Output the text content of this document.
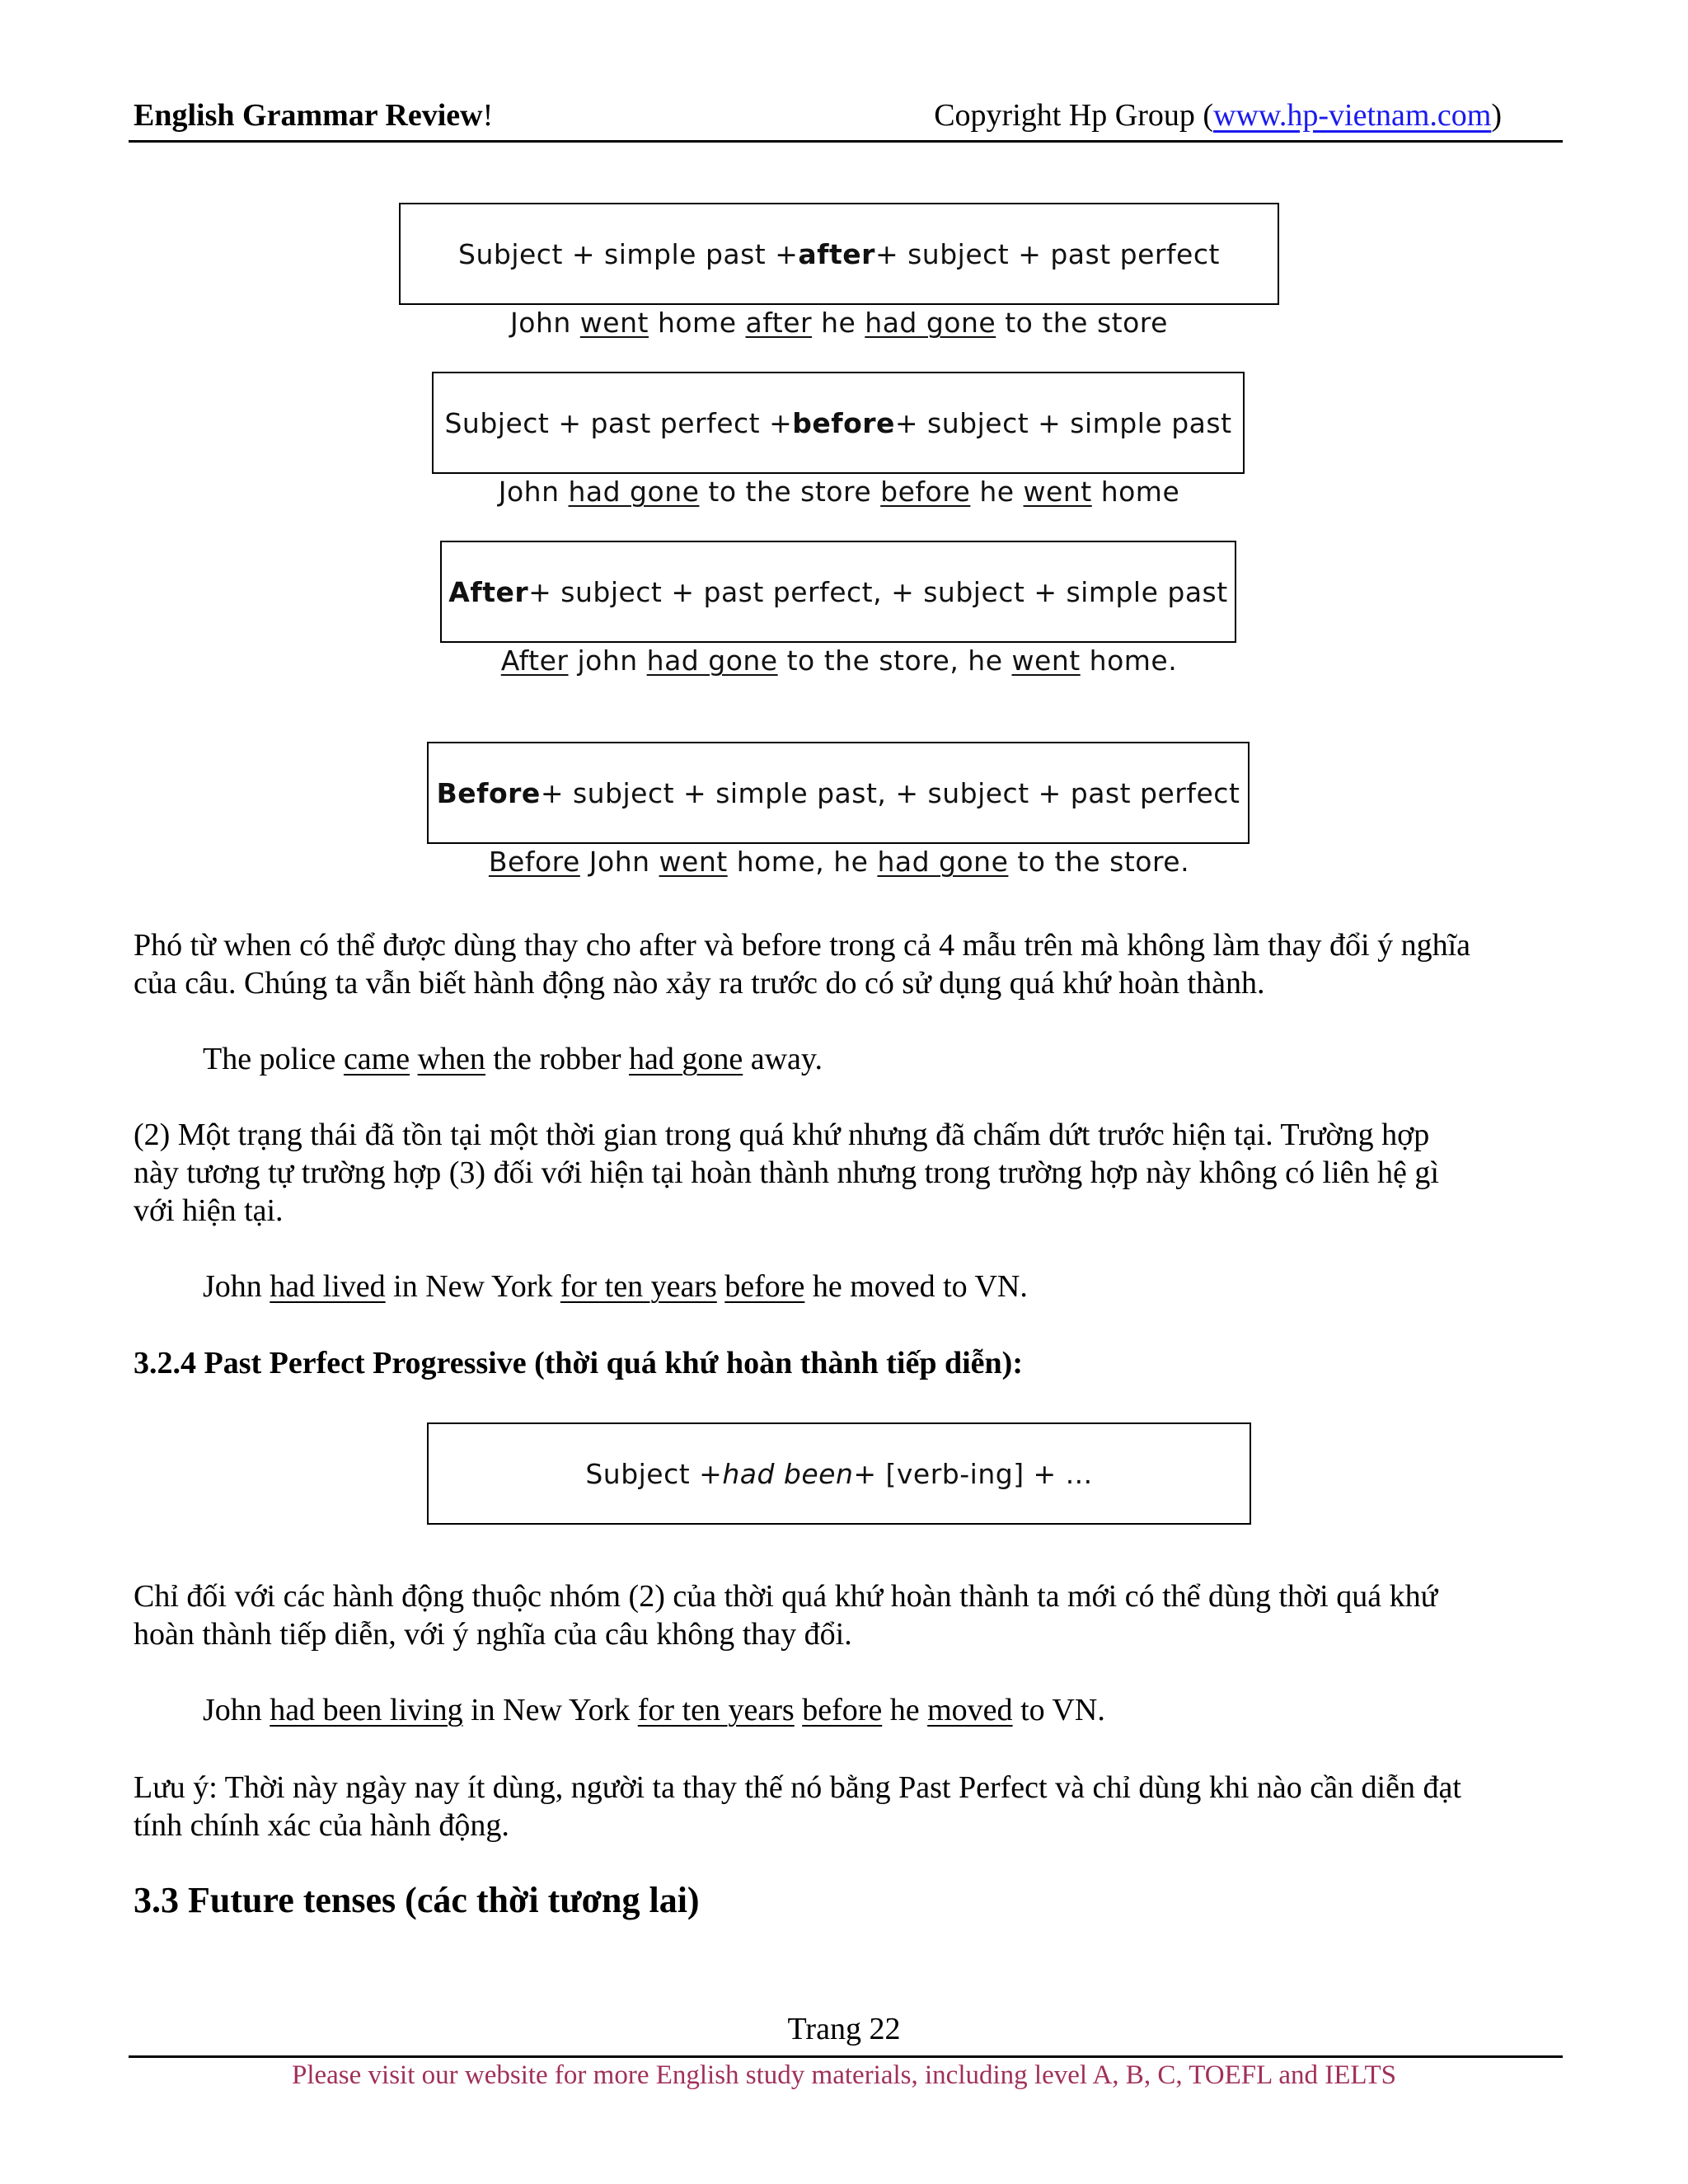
English Grammar Review!	Copyright Hp Group (www.hp-vietnam.com)
Subject + simple past + after + subject + past perfect
John went home after he had gone to the store
Subject + past perfect + before + subject + simple past
John had gone to the store before he went home
After + subject + past perfect, + subject + simple past
After john had gone to the store, he went home.
Before + subject + simple past, + subject + past perfect
Before John went home, he had gone to the store.
Phó từ when có thể được dùng thay cho after và before trong cả 4 mẫu trên mà không làm thay đổi ý nghĩa
của câu. Chúng ta vẫn biết hành động nào xảy ra trước do có sử dụng quá khứ hoàn thành.
The police came when the robber had gone away.
(2) Một trạng thái đã tồn tại một thời gian trong quá khứ nhưng đã chấm dứt trước hiện tại. Trường hợp
này tương tự trường hợp (3) đối với hiện tại hoàn thành nhưng trong trường hợp này không có liên hệ gì
với hiện tại.
John had lived in New York for ten years before he moved to VN.
3.2.4 Past Perfect Progressive (thời quá khứ hoàn thành tiếp diễn):
Subject + had been + [verb-ing] + ...
Chỉ đối với các hành động thuộc nhóm (2) của thời quá khứ hoàn thành ta mới có thể dùng thời quá khứ
hoàn thành tiếp diễn, với ý nghĩa của câu không thay đổi.
John had been living in New York for ten years before he moved to VN.
Lưu ý: Thời này ngày nay ít dùng, người ta thay thế nó bằng Past Perfect và chỉ dùng khi nào cần diễn đạt
tính chính xác của hành động.
3.3 Future tenses (các thời tương lai)
Trang 22
Please visit our website for more English study materials, including level A, B, C, TOEFL and IELTS
